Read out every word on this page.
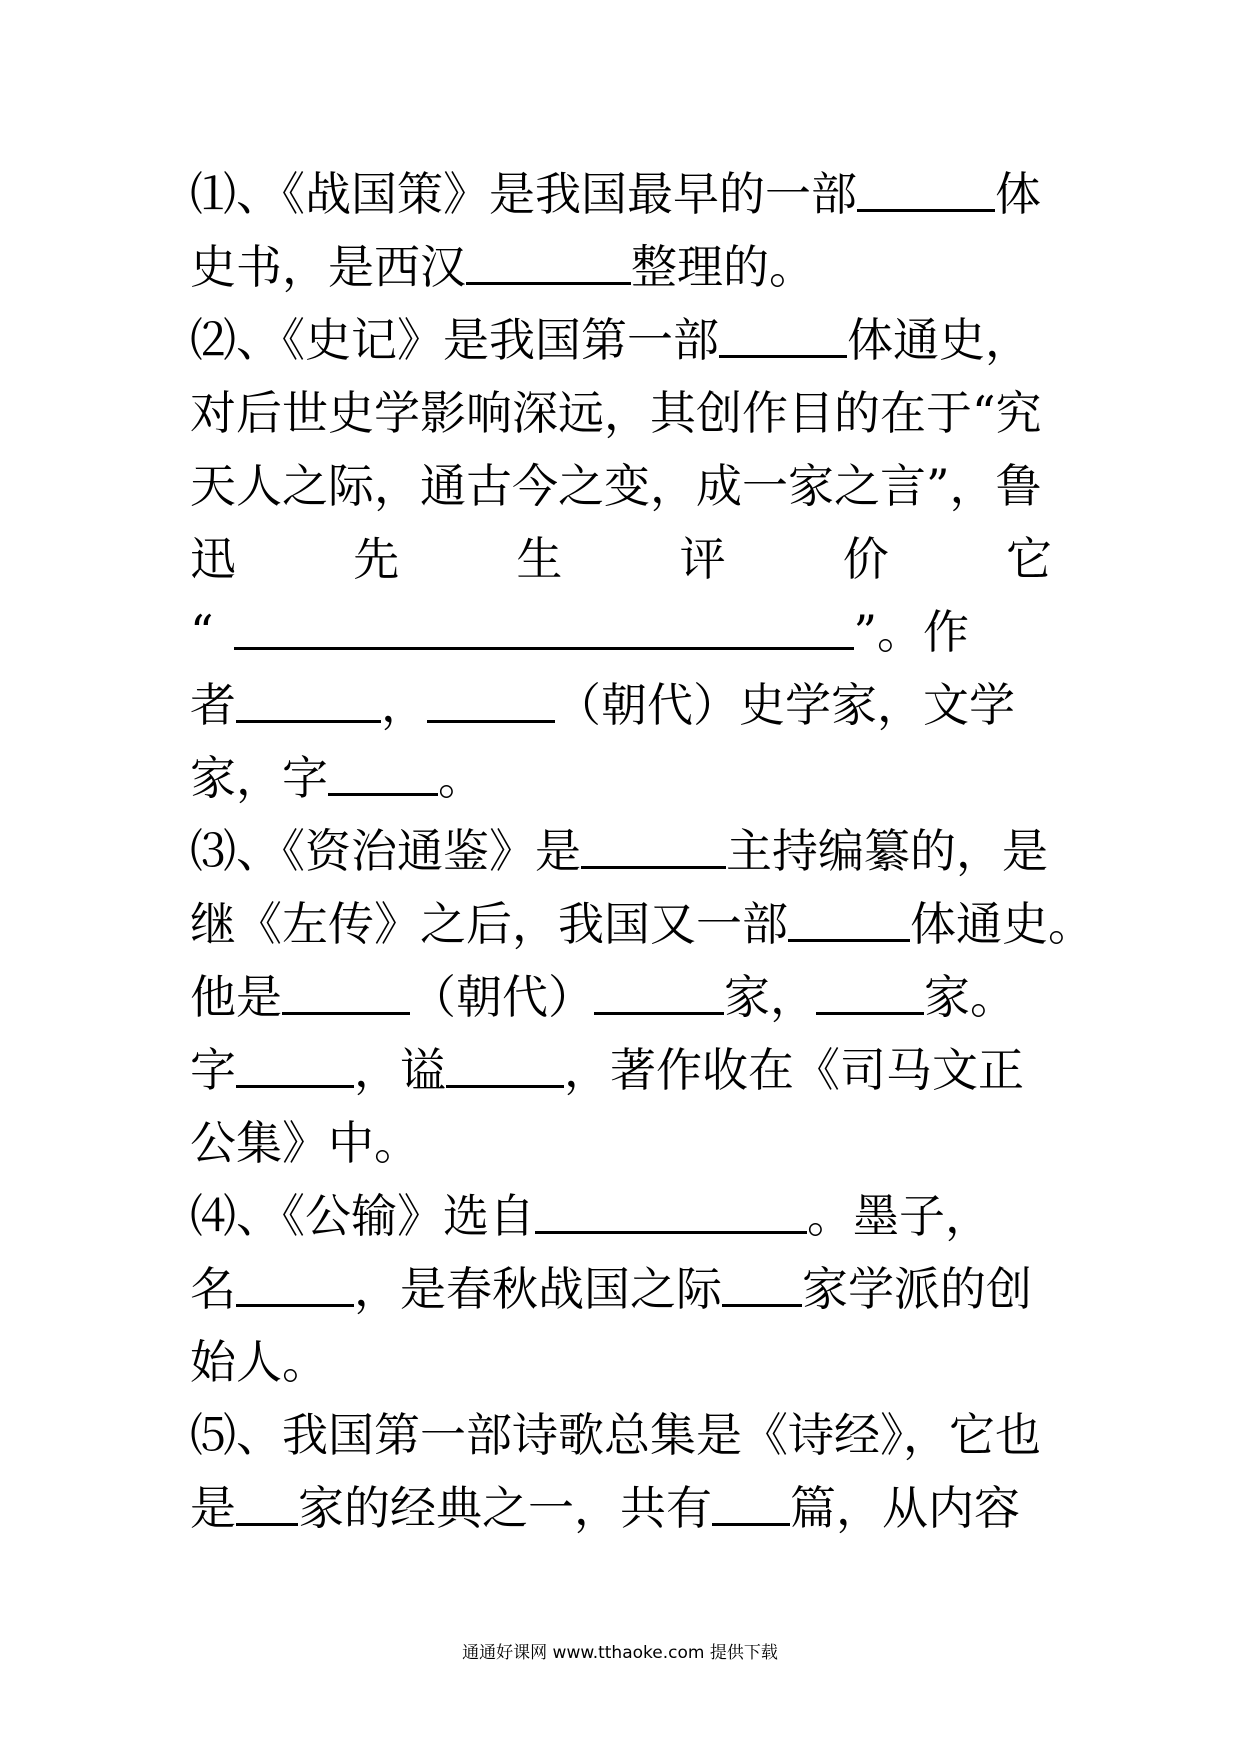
⑴、《战国策》是我国最早的一部	体
史书，是西汉	整理的。
⑵、《史记》是我国第一部	体通史，
对后世史学影响深远，其创作目的在于“究
天人之际，通古今之变，成一家之言”，鲁
迅	先	生	评	价	它
“	”。作
者	，	（朝代）史学家，文学
家，字 。
⑶、《资治通鉴》是	主持编纂的，是
继《左传》之后，我国又一部	体通史。
他是	（朝代）	家， 家。
字	，谥	，著作收在《司马文正
公集》中。
⑷、《公输》选自	。墨子，
名	，是春秋战国之际 家学派的创
始人。
⑸、我国第一部诗歌总集是《诗经》，它也
是 家的经典之一，共有 篇，从内容
通通好课网 www.tthaoke.com 提供下载
